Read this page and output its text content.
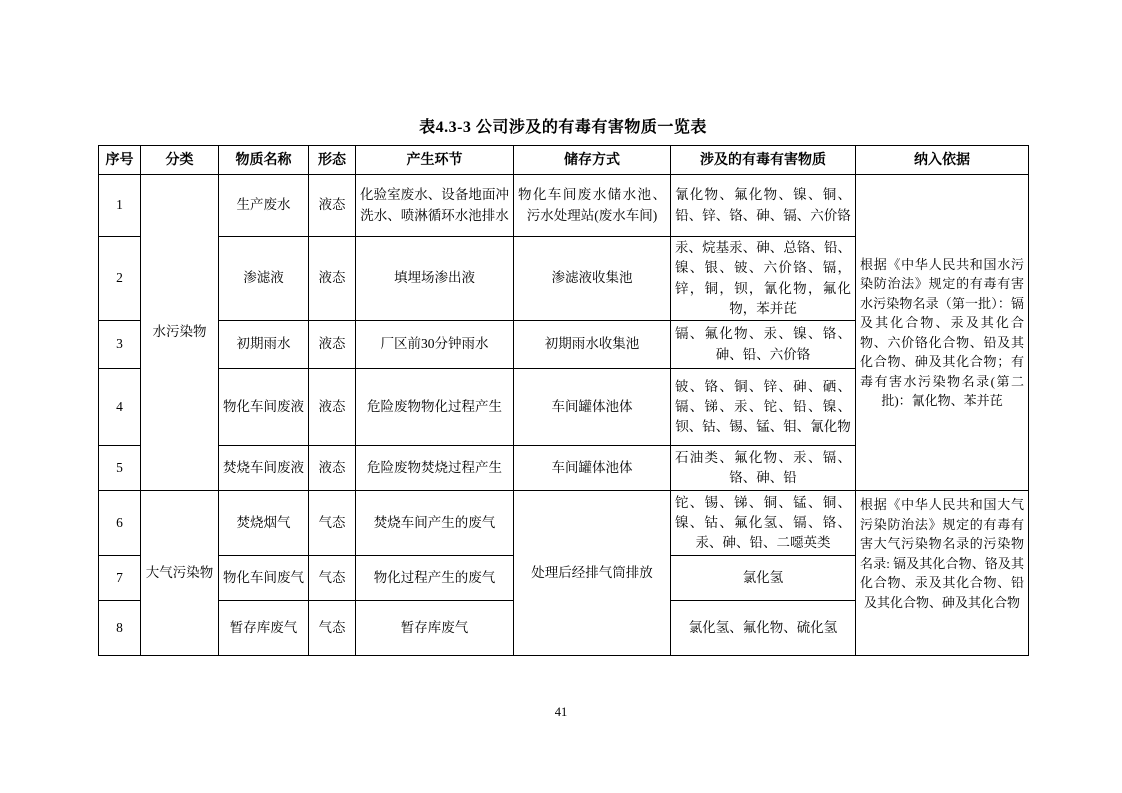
表4.3-3 公司涉及的有毒有害物质一览表
序号	分类	物质名称	形态	产生环节	储存方式	涉及的有毒有害物质	纳入依据
1	水污染物	生产废水	液态	化验室废水、设备地面冲洗水、喷淋循环水池排水	物化车间废水储水池、污水处理站(废水车间)	氰化物、氟化物、镍、铜、铅、锌、铬、砷、镉、六价铬	根据《中华人民共和国水污染防治法》规定的有毒有害水污染物名录（第一批）：镉及其化合物、汞及其化合物、六价铬化合物、铅及其化合物、砷及其化合物；有毒有害水污染物名录(第二批)：氰化物、苯并芘
2		渗滤液	液态	填埋场渗出液	渗滤液收集池	汞、烷基汞、砷、总铬、铅、镍、银、铍、六价铬、镉，锌，铜，钡，氰化物，氟化物，苯并芘	
3		初期雨水	液态	厂区前30分钟雨水	初期雨水收集池	镉、氟化物、汞、镍、铬、砷、铅、六价铬	
4		物化车间废液	液态	危险废物物化过程产生	车间罐体池体	铍、铬、铜、锌、砷、硒、镉、锑、汞、铊、铅、镍、钡、钴、锡、锰、钼、氰化物	
5		焚烧车间废液	液态	危险废物焚烧过程产生	车间罐体池体	石油类、氟化物、汞、镉、铬、砷、铅	
6	大气污染物	焚烧烟气	气态	焚烧车间产生的废气	处理后经排气筒排放	铊、锡、锑、铜、锰、铜、镍、钴、氟化氢、镉、铬、汞、砷、铅、二噁英类	根据《中华人民共和国大气污染防治法》规定的有毒有害大气污染物名录的污染物名录: 镉及其化合物、铬及其化合物、汞及其化合物、铅及其化合物、砷及其化合物
7		物化车间废气	气态	物化过程产生的废气		氯化氢	
8		暂存库废气	气态	暂存库废气		氯化氢、氟化物、硫化氢	
41
